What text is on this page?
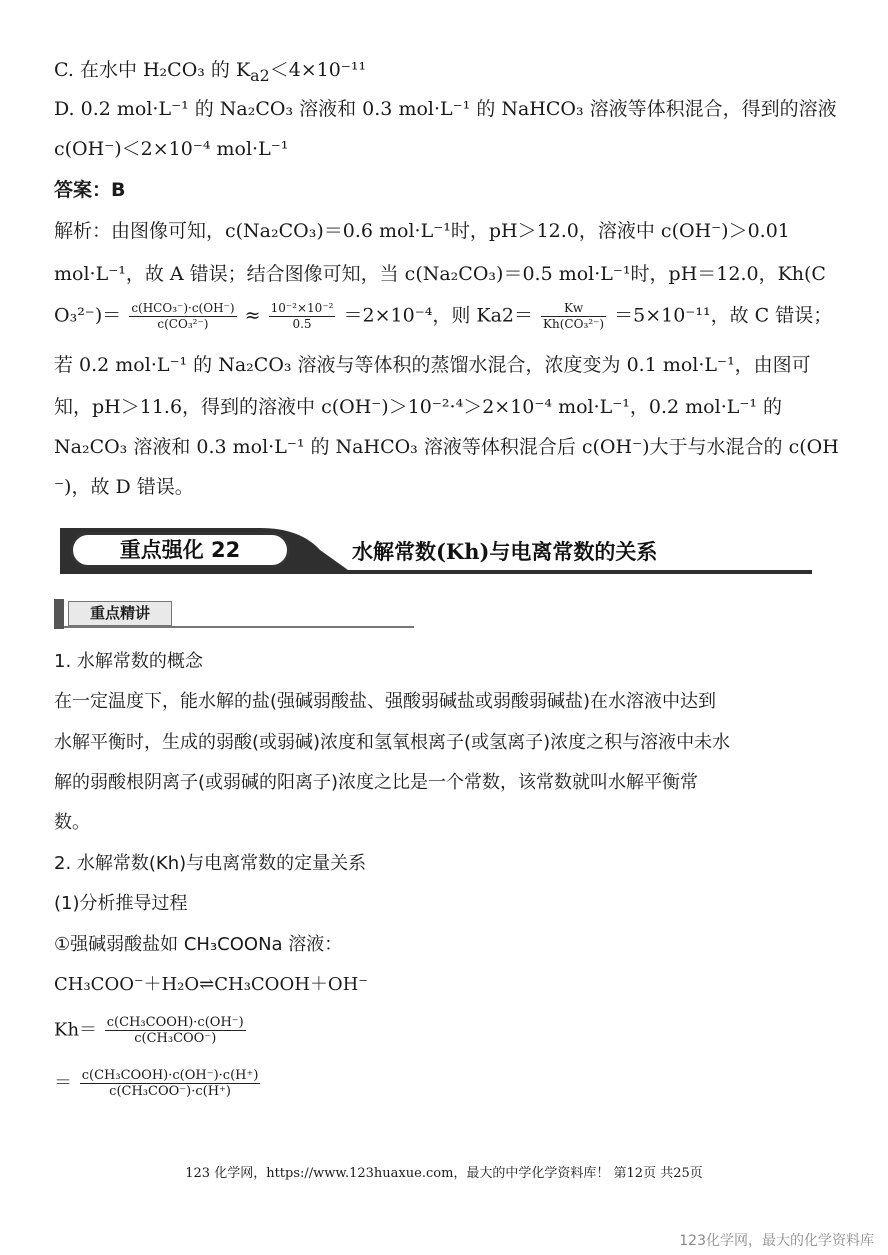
C. 在水中 H₂CO₃ 的 $K_{a2}<4\times 10^{-11}$
D. 0.2 mol·L⁻¹ 的 Na₂CO₃ 溶液和 0.3 mol·L⁻¹ 的 NaHCO₃ 溶液等体积混合，得到的溶液
c(OH⁻)＜2×10⁻⁴ mol·L⁻¹
答案：B
解析：由图像可知，c(Na₂CO₃)＝0.6 mol·L⁻¹时，pH＞12.0，溶液中 c(OH⁻)＞0.01
mol·L⁻¹，故 A 错误；结合图像可知，当 c(Na₂CO₃)＝0.5 mol·L⁻¹时，pH＝12.0，Kh(C
$O_3^{2-})= \frac{\text{c(HCO₃⁻)·c(OH⁻)}}{\text{c(CO₃²⁻)}} \approx \frac{\text{10⁻²×10⁻²}}{0.5} =2\times 10^{-4}$，则 $Ka2= \frac{Kw}{\text{Kh(CO₃²⁻)}} =5\times 10^{-11}$，故 C 错误；
若 0.2 mol·L⁻¹ 的 Na₂CO₃ 溶液与等体积的蒸馏水混合，浓度变为 0.1 mol·L⁻¹，由图可
知，pH＞11.6，得到的溶液中 c(OH⁻)＞10⁻²·⁴＞2×10⁻⁴ mol·L⁻¹，0.2 mol·L⁻¹ 的
Na₂CO₃ 溶液和 0.3 mol·L⁻¹ 的 NaHCO₃ 溶液等体积混合后 c(OH⁻)大于与水混合的 c(OH
⁻)，故 D 错误。
重点强化 22	水解常数(Kh)与电离常数的关系
重点精讲
1. 水解常数的概念
在一定温度下，能水解的盐(强碱弱酸盐、强酸弱碱盐或弱酸弱碱盐)在水溶液中达到
水解平衡时，生成的弱酸(或弱碱)浓度和氢氧根离子(或氢离子)浓度之积与溶液中未水
解的弱酸根阴离子(或弱碱的阳离子)浓度之比是一个常数，该常数就叫水解平衡常
数。
2. 水解常数(Kh)与电离常数的定量关系
(1)分析推导过程
①强碱弱酸盐如 CH₃COONa 溶液：
CH₃COO⁻＋H₂O⇌CH₃COOH＋OH⁻
$Kh= \frac{\text{c(CH₃COOH)·c(OH⁻)}}{\text{c(CH₃COO⁻)}}$
＝ $\frac{\text{c(CH₃COOH)·c(OH⁻)·c(H⁺)}}{\text{c(CH₃COO⁻)·c(H⁺)}}$
123 化学网，https://www.123huaxue.com，最大的中学化学资料库！ 第12页 共25页
123化学网，最大的化学资料库
